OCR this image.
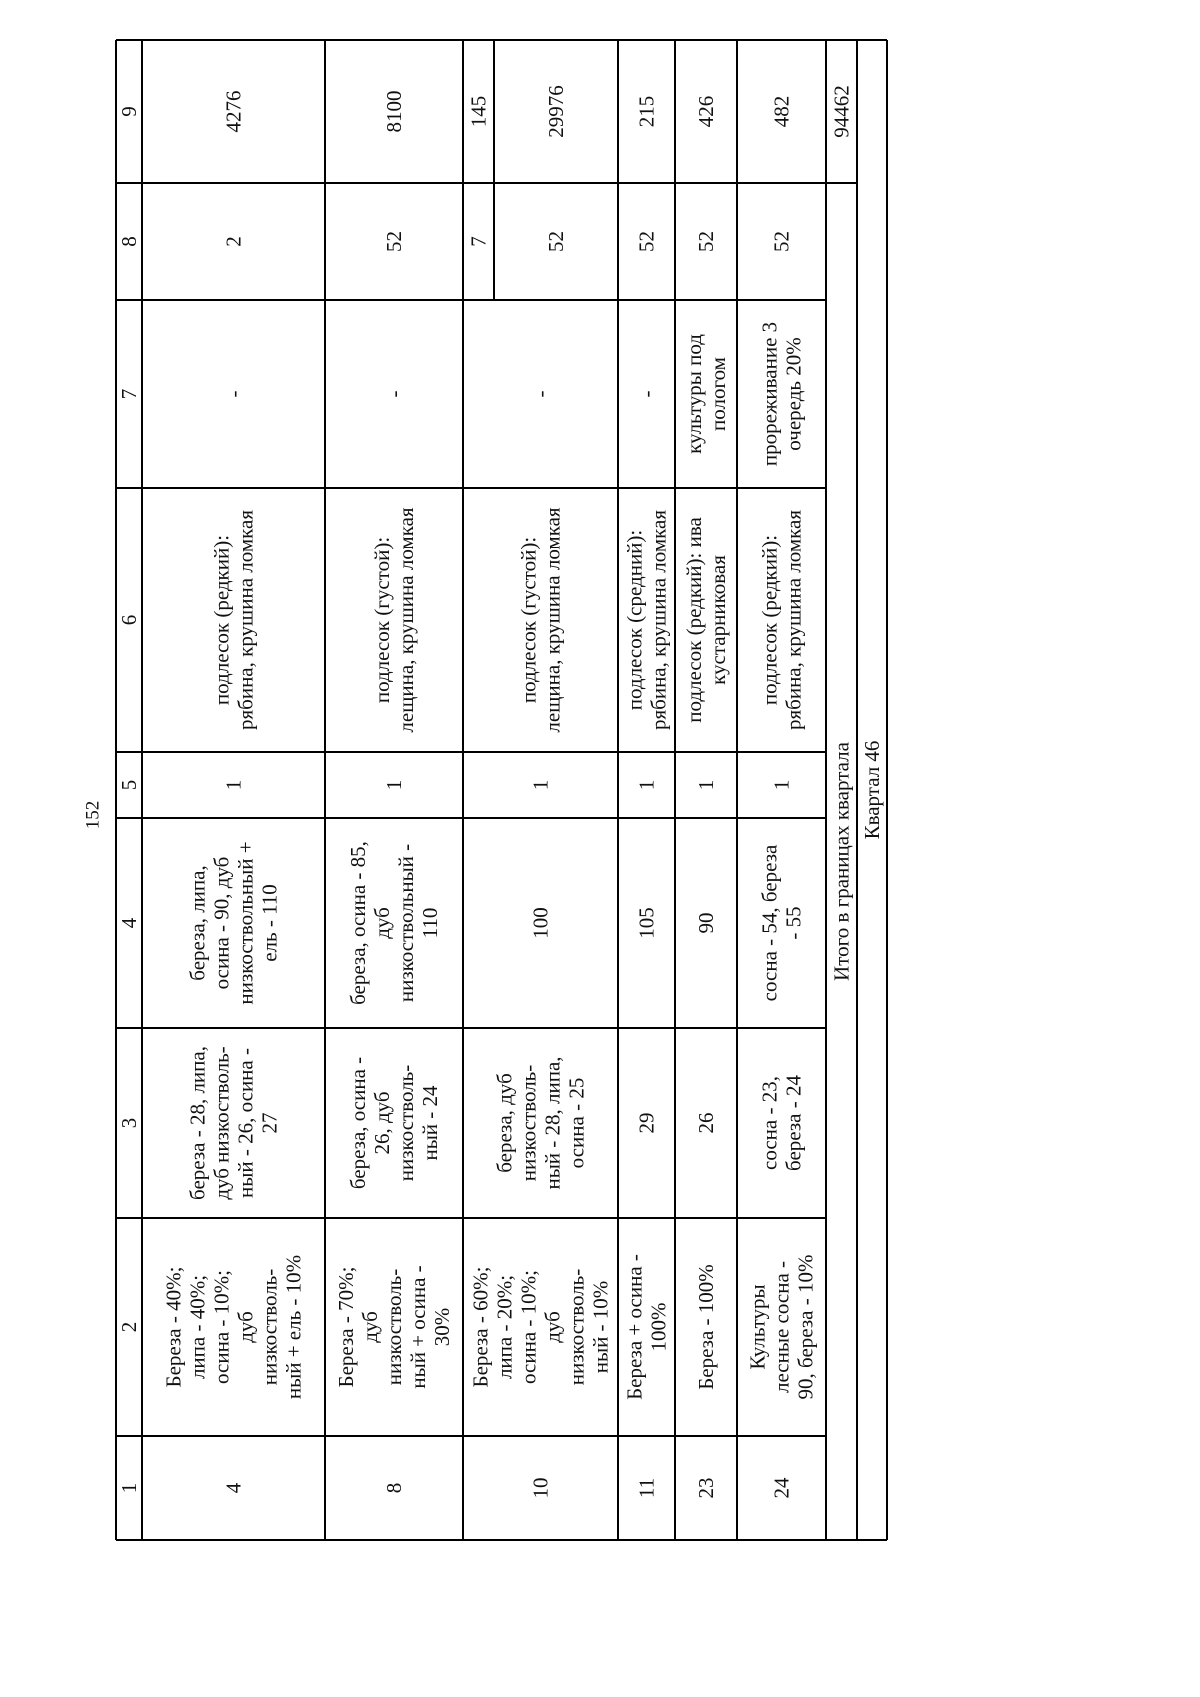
152
1
2
3
4
5
6
7
8
9
4
Береза - 40%; липа - 40%; осина - 10%; дуб низкостволь- ный + ель - 10%
береза - 28, липа, дуб низкостволь- ный - 26, осина - 27
береза, липа, осина - 90, дуб низкоствольный + ель - 110
1
подлесок (редкий): рябина, крушина ломкая
-
2
4276
8
Береза - 70%; дуб низкостволь- ный + осина - 30%
береза, осина - 26, дуб низкостволь- ный - 24
береза, осина - 85, дуб низкоствольный - 110
1
подлесок (густой): лещина, крушина ломкая
-
52
8100
10
Береза - 60%; липа - 20%; осина - 10%; дуб низкостволь- ный - 10%
береза, дуб низкостволь- ный - 28, липа, осина - 25
100
1
подлесок (густой): лещина, крушина ломкая
-
7	52
145	29976
11
Береза + осина - 100%
29
105
1
подлесок (средний): рябина, крушина ломкая
-
52
215
23
Береза - 100%
26
90
1
подлесок (редкий): ива кустарниковая
культуры под пологом
52
426
24
Культуры лесные сосна - 90, береза - 10%
сосна - 23, береза - 24
сосна - 54, береза - 55
1
подлесок (редкий): рябина, крушина ломкая
прореживание 3 очередь 20%
52
482
Итого в границах квартала
94462
Квартал 46
